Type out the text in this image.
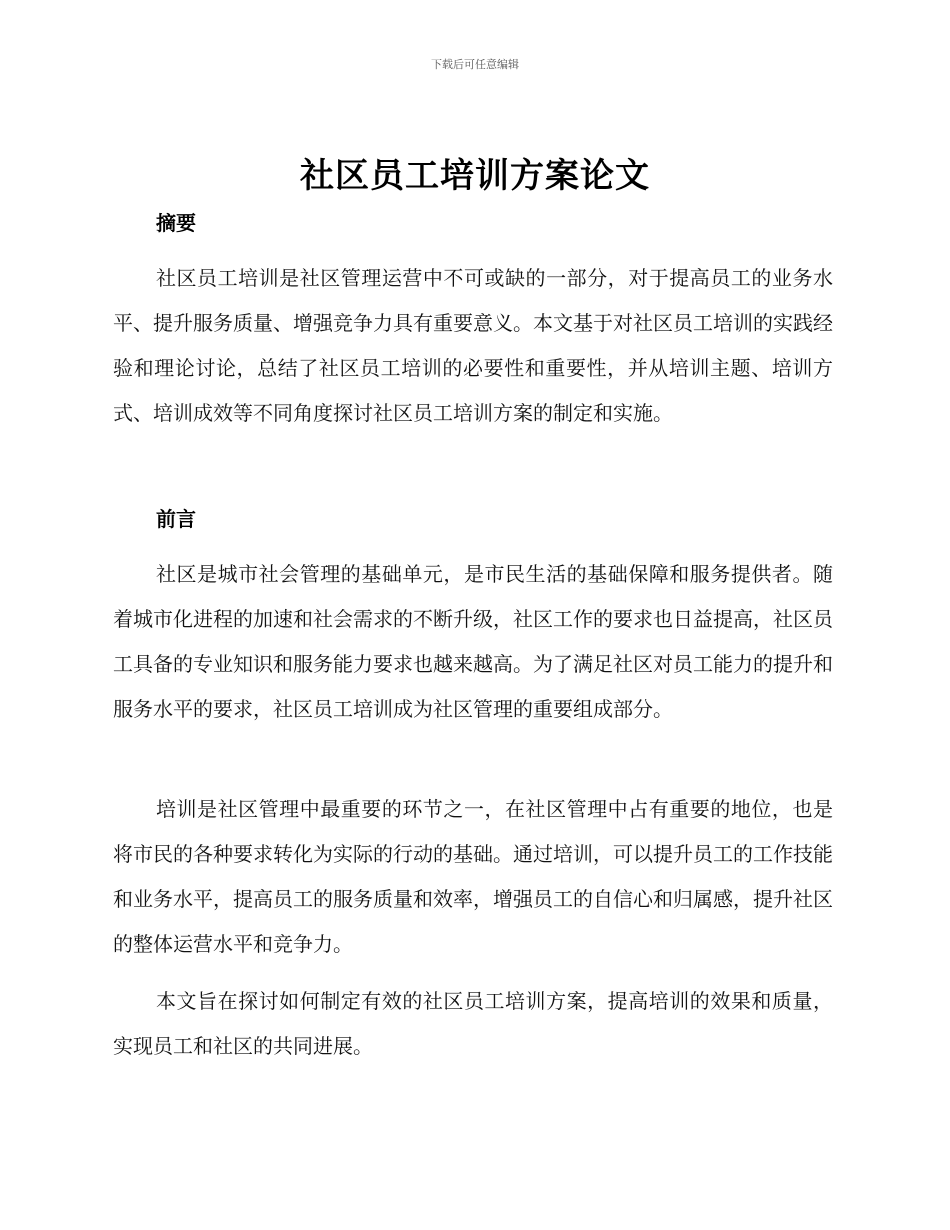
下载后可任意编辑
社区员工培训方案论文
摘要

社区员工培训是社区管理运营中不可或缺的一部分，对于提高员工的业务水平、提升服务质量、增强竞争力具有重要意义。本文基于对社区员工培训的实践经验和理论讨论，总结了社区员工培训的必要性和重要性，并从培训主题、培训方式、培训成效等不同角度探讨社区员工培训方案的制定和实施。

前言

社区是城市社会管理的基础单元，是市民生活的基础保障和服务提供者。随着城市化进程的加速和社会需求的不断升级，社区工作的要求也日益提高，社区员工具备的专业知识和服务能力要求也越来越高。为了满足社区对员工能力的提升和服务水平的要求，社区员工培训成为社区管理的重要组成部分。

培训是社区管理中最重要的环节之一，在社区管理中占有重要的地位，也是将市民的各种要求转化为实际的行动的基础。通过培训，可以提升员工的工作技能和业务水平，提高员工的服务质量和效率，增强员工的自信心和归属感，提升社区的整体运营水平和竞争力。

本文旨在探讨如何制定有效的社区员工培训方案，提高培训的效果和质量，实现员工和社区的共同进展。
